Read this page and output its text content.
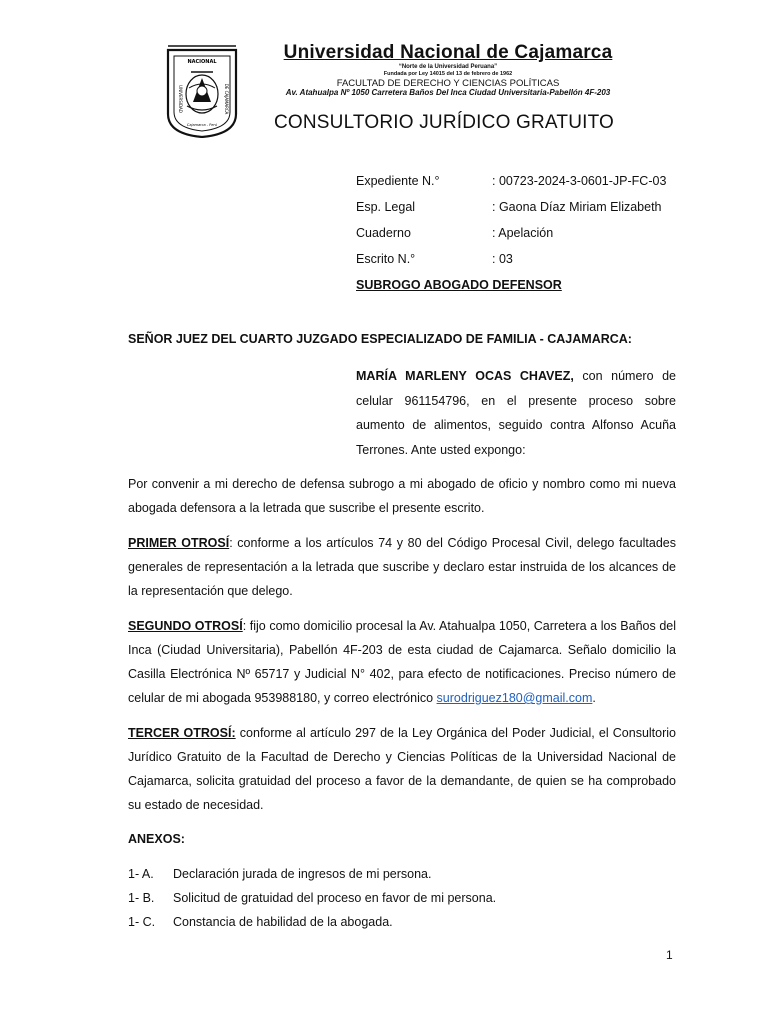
NACIONAL
UNIVERSIDAD	DE CAJAMARCA
Cajamarca - Perú
Universidad Nacional de Cajamarca
“Norte de la Universidad Peruana”
Fundada por Ley 14015 del 13 de febrero de 1962
FACULTAD DE DERECHO Y CIENCIAS POLÍTICAS
Av. Atahualpa Nº 1050 Carretera Baños Del Inca Ciudad Universitaria-Pabellón 4F-203
CONSULTORIO JURÍDICO GRATUITO
Expediente N.°	: 00723-2024-3-0601-JP-FC-03
Esp. Legal	: Gaona Díaz Miriam Elizabeth
Cuaderno	: Apelación
Escrito N.°	: 03
SUBROGO ABOGADO DEFENSOR
SEÑOR JUEZ DEL CUARTO JUZGADO ESPECIALIZADO DE FAMILIA - CAJAMARCA:
MARÍA MARLENY OCAS CHAVEZ, con número de celular 961154796, en el presente proceso sobre aumento de alimentos, seguido contra Alfonso Acuña Terrones. Ante usted expongo:
Por convenir a mi derecho de defensa subrogo a mi abogado de oficio y nombro como mi nueva abogada defensora a la letrada que suscribe el presente escrito.
PRIMER OTROSÍ: conforme a los artículos 74 y 80 del Código Procesal Civil, delego facultades generales de representación a la letrada que suscribe y declaro estar instruida de los alcances de la representación que delego.
SEGUNDO OTROSÍ: fijo como domicilio procesal la Av. Atahualpa 1050, Carretera a los Baños del Inca (Ciudad Universitaria), Pabellón 4F-203 de esta ciudad de Cajamarca. Señalo domicilio la Casilla Electrónica Nº 65717 y Judicial N° 402, para efecto de notificaciones. Preciso número de celular de mi abogada 953988180, y correo electrónico surodriguez180@gmail.com.
TERCER OTROSÍ: conforme al artículo 297 de la Ley Orgánica del Poder Judicial, el Consultorio Jurídico Gratuito de la Facultad de Derecho y Ciencias Políticas de la Universidad Nacional de Cajamarca, solicita gratuidad del proceso a favor de la demandante, de quien se ha comprobado su estado de necesidad.
ANEXOS:
1- A.	Declaración jurada de ingresos de mi persona.
1- B.	Solicitud de gratuidad del proceso en favor de mi persona.
1- C.	Constancia de habilidad de la abogada.
1
